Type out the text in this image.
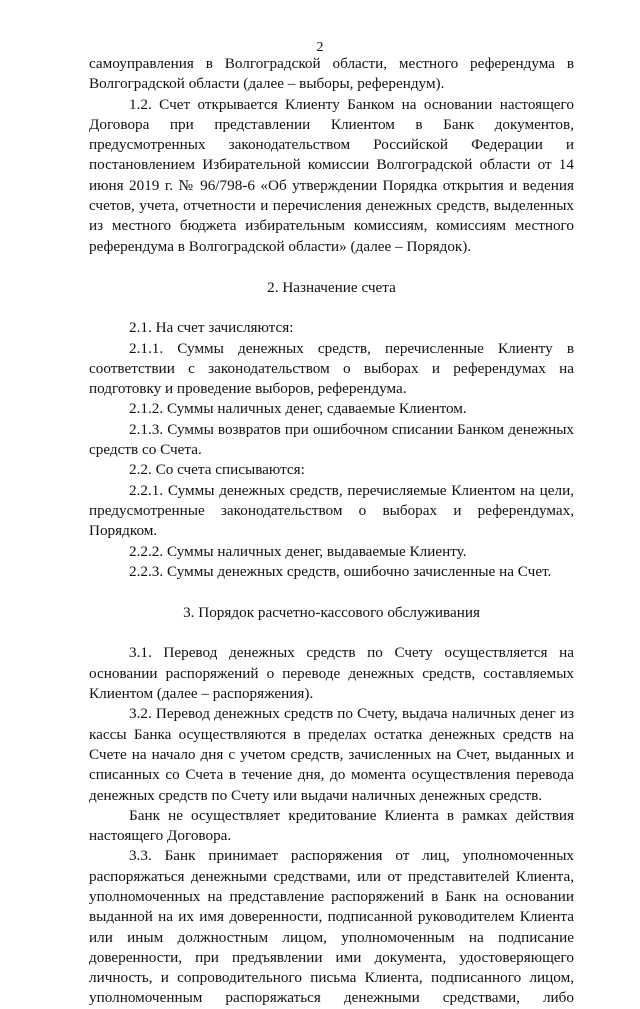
2

самоуправления в Волгоградской области, местного референдума в Волгоградской области (далее – выборы, референдум).

1.2. Счет открывается Клиенту Банком на основании настоящего Договора при представлении Клиентом в Банк документов, предусмотренных законодательством Российской Федерации и постановлением Избирательной комиссии Волгоградской области от 14 июня 2019 г. № 96/798-6 «Об утверждении Порядка открытия и ведения счетов, учета, отчетности и перечисления денежных средств, выделенных из местного бюджета избирательным комиссиям, комиссиям местного референдума в Волгоградской области» (далее – Порядок).

2. Назначение счета

2.1. На счет зачисляются:

2.1.1. Суммы денежных средств, перечисленные Клиенту в соответствии с законодательством о выборах и референдумах на подготовку и проведение выборов, референдума.

2.1.2. Суммы наличных денег, сдаваемые Клиентом.

2.1.3. Суммы возвратов при ошибочном списании Банком денежных средств со Счета.

2.2. Со счета списываются:

2.2.1. Суммы денежных средств, перечисляемые Клиентом на цели, предусмотренные законодательством о выборах и референдумах, Порядком.

2.2.2. Суммы наличных денег, выдаваемые Клиенту.

2.2.3. Суммы денежных средств, ошибочно зачисленные на Счет.

3. Порядок расчетно-кассового обслуживания

3.1. Перевод денежных средств по Счету осуществляется на основании распоряжений о переводе денежных средств, составляемых Клиентом (далее – распоряжения).

3.2. Перевод денежных средств по Счету, выдача наличных денег из кассы Банка осуществляются в пределах остатка денежных средств на Счете на начало дня с учетом средств, зачисленных на Счет, выданных и списанных со Счета в течение дня, до момента осуществления перевода денежных средств по Счету или выдачи наличных денежных средств.

Банк не осуществляет кредитование Клиента в рамках действия настоящего Договора.

3.3. Банк принимает распоряжения от лиц, уполномоченных распоряжаться денежными средствами, или от представителей Клиента, уполномоченных на представление распоряжений в Банк на основании выданной на их имя доверенности, подписанной руководителем Клиента или иным должностным лицом, уполномоченным на подписание доверенности, при предъявлении ими документа, удостоверяющего личность, и сопроводительного письма Клиента, подписанного лицом, уполномоченным распоряжаться денежными средствами, либо
